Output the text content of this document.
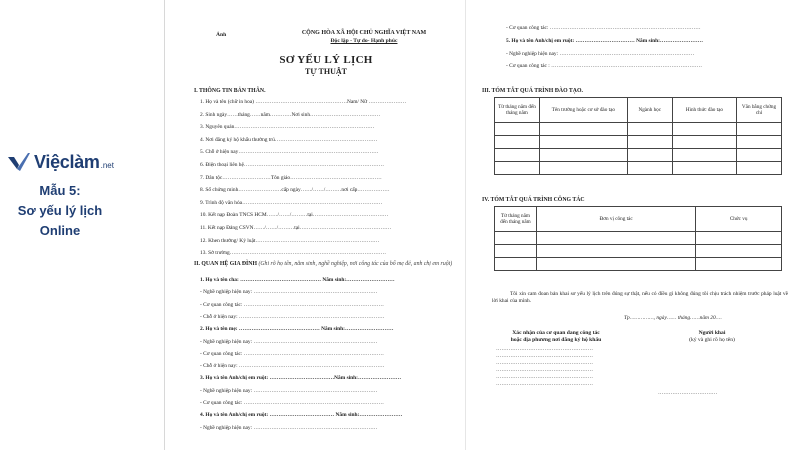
Việclàm .net
Mẫu 5:
Sơ yếu lý lịch
Online
Ảnh	CỘNG HÒA XÃ HỘI CHỦ NGHĨA VIỆT NAM
Độc lập - Tự do- Hạnh phúc
SƠ YẾU LÝ LỊCH
TỰ THUẬT
I. THÔNG TIN BẢN THÂN.
1. Họ và tên (chữ in hoa) ……………………………………………Nam/ Nữ …………………
2. Sinh ngày……tháng……năm…………Nơi sinh…………………………………
3. Nguyên quán……………………………………………………………………
4. Nơi đăng ký hộ khẩu thường trú…………………………………………………
5. Chỗ ở hiện nay……………………………………………………………………
6. Điện thoại liên hệ……………………………………………………………………
7. Dân tộc………………………Tôn giáo……………………………………………
8. Số chứng minh……………………cấp ngày……/……/………nơi cấp………………
9. Trình độ văn hóa……………………………………………………………………
10. Kết nạp Đoàn TNCS HCM……/……/………tại……………………………………
11. Kết nạp Đảng CSVN……/……/………tại……………………………………………
12. Khen thưởng/ Kỷ luật……………………………………………………………
13. Sở trường……………………………………………………………………………
II. QUAN HỆ GIA ĐÌNH (Ghi rõ họ tên, năm sinh, nghề nghiệp, nơi công tác của bố mẹ đẻ, anh chị em ruột)
1. Họ và tên cha: ……………………………………… Năm sinh:………………………
- Nghề nghiệp hiện nay: ……………………………………………………………
- Cơ quan công tác: ……………………………………………………………………
- Chỗ ở hiện nay: ………………………………………………………………………
2. Họ và tên mẹ: ……………………………………… Năm sinh:………………………
- Nghề nghiệp hiện nay: ……………………………………………………………
- Cơ quan công tác: ……………………………………………………………………
- Chỗ ở hiện nay: ………………………………………………………………………
3. Họ và tên Anh/chị em ruột: ………………………………Năm sinh:……………………
- Nghề nghiệp hiện nay: ……………………………………………………………
- Cơ quan công tác: ……………………………………………………………………
4. Họ và tên Anh/chị em ruột: ……………………………… Năm sinh:……………………
- Nghề nghiệp hiện nay: ……………………………………………………………
- Cơ quan công tác: …………………………………………………………………………
5. Họ và tên Anh/chị em ruột: …………………………… Năm sinh:……………………
- Nghề nghiệp hiện nay: …………………………………………………………………
- Cơ quan công tác : …………………………………………………………………………
III. TÓM TẮT QUÁ TRÌNH ĐÀO TẠO.
Từ tháng năm đến tháng năm	Tên trường hoặc cơ sở đào tạo	Ngành học	Hình thức đào tạo	Văn bằng chứng chỉ

IV. TÓM TẮT QUÁ TRÌNH CÔNG TÁC
Từ tháng năm đến tháng năm	Đơn vị công tác	Chức vụ

Tôi xin cam đoan bản khai sơ yếu lý lịch trên đúng sự thật, nếu có điều gì không đúng tôi chịu trách nhiệm trước pháp luật về lời khai của mình.
Tp……………, ngày…… tháng……năm 20….
Xác nhận của cơ quan đang công tác
hoặc địa phương nơi đăng ký hộ khẩu
Người khai
(ký và ghi rõ họ tên)
………………………………………………
………………………………………………
………………………………………………
………………………………………………
………………………………………………
………………………………………………
……………………………
